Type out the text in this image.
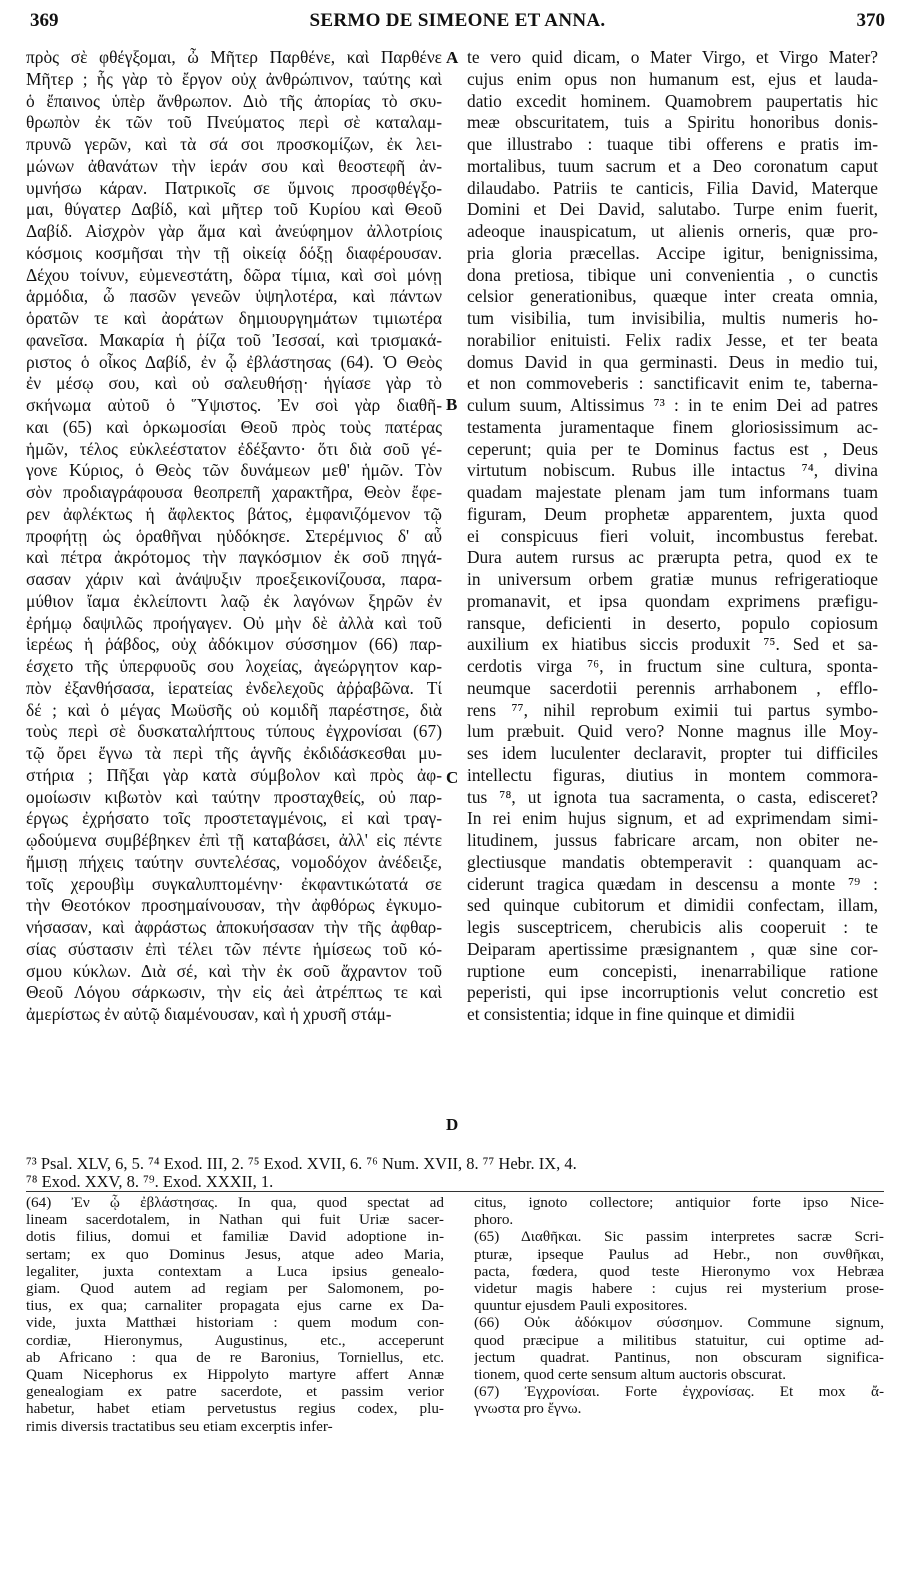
369	SERMO DE SIMEONE ET ANNA.	370
πρὸς σὲ φθέγξομαι, ὦ Μῆτερ Παρθένε, καὶ Παρθένε
Μῆτερ ; ἧς γὰρ τὸ ἔργον οὐχ ἀνθρώπινον, ταύτης καὶ
ὁ ἔπαινος ὑπὲρ ἄνθρωπον. Διὸ τῆς ἀπορίας τὸ σκυ-
θρωπὸν ἐκ τῶν τοῦ Πνεύματος περὶ σὲ καταλαμ-
πρυνῶ γερῶν, καὶ τὰ σά σοι προσκομίζων, ἐκ λει-
μώνων ἀθανάτων τὴν ἱεράν σου καὶ θεοστεφῆ ἀν-
υμνήσω κάραν. Πατρικοῖς σε ὕμνοις προσφθέγξο-
μαι, θύγατερ Δαβίδ, καὶ μῆτερ τοῦ Κυρίου καὶ Θεοῦ
Δαβίδ. Αἰσχρὸν γὰρ ἅμα καὶ ἀνεύφημον ἀλλοτρίοις
κόσμοις κοσμῆσαι τὴν τῇ οἰκείᾳ δόξῃ διαφέρουσαν.
Δέχου τοίνυν, εὐμενεστάτη, δῶρα τίμια, καὶ σοὶ μόνῃ
ἁρμόδια, ὦ πασῶν γενεῶν ὑψηλοτέρα, καὶ πάντων
ὁρατῶν τε καὶ ἀοράτων δημιουργημάτων τιμιωτέρα
φανεῖσα. Μακαρία ἡ ῥίζα τοῦ Ἰεσσαί, καὶ τρισμακά-
ριστος ὁ οἶκος Δαβίδ, ἐν ᾧ ἐβλάστησας (64). Ὁ Θεὸς
ἐν μέσῳ σου, καὶ οὐ σαλευθήσῃ· ἡγίασε γὰρ τὸ
σκήνωμα αὐτοῦ ὁ Ὕψιστος. Ἐν σοὶ γὰρ διαθῆ-
και (65) καὶ ὁρκωμοσίαι Θεοῦ πρὸς τοὺς πατέρας
ἡμῶν, τέλος εὐκλεέστατον ἐδέξαντο· ὅτι διὰ σοῦ γέ-
γονε Κύριος, ὁ Θεὸς τῶν δυνάμεων μεθ' ἡμῶν. Τὸν
σὸν προδιαγράφουσα θεοπρεπῆ χαρακτῆρα, Θεὸν ἔφε-
ρεν ἀφλέκτως ἡ ἄφλεκτος βάτος, ἐμφανιζόμενον τῷ
προφήτῃ ὡς ὁραθῆναι ηὐδόκησε. Στερέμνιος δ' αὖ
καὶ πέτρα ἀκρότομος τὴν παγκόσμιον ἐκ σοῦ πηγά-
σασαν χάριν καὶ ἀνάψυξιν προεξεικονίζουσα, παρα-
μύθιον ἴαμα ἐκλείποντι λαῷ ἐκ λαγόνων ξηρῶν ἐν
ἐρήμῳ δαψιλῶς προήγαγεν. Οὐ μὴν δὲ ἀλλὰ καὶ τοῦ
ἱερέως ἡ ῥάβδος, οὐχ ἀδόκιμον σύσσημον (66) παρ-
έσχετο τῆς ὑπερφυοῦς σου λοχείας, ἀγεώργητον καρ-
πὸν ἐξανθήσασα, ἱερατείας ἐνδελεχοῦς ἀῤῥαβῶνα. Τί
δέ ; καὶ ὁ μέγας Μωϋσῆς οὐ κομιδῆ παρέστησε, διὰ
τοὺς περὶ σὲ δυσκαταλήπτους τύπους ἐγχρονίσαι (67)
τῷ ὄρει ἔγνω τὰ περὶ τῆς ἁγνῆς ἐκδιδάσκεσθαι μυ-
στήρια ; Πῆξαι γὰρ κατὰ σύμβολον καὶ πρὸς ἀφ-
ομοίωσιν κιβωτὸν καὶ ταύτην προσταχθείς, οὐ παρ-
έργως ἐχρήσατο τοῖς προστεταγμένοις, εἰ καὶ τραγ-
ῳδούμενα συμβέβηκεν ἐπὶ τῇ καταβάσει, ἀλλ' εἰς πέντε
ἥμισῃ πήχεις ταύτην συντελέσας, νομοδόχον ἀνέδειξε,
τοῖς χερουβὶμ συγκαλυπτομένην· ἐκφαντικώτατά σε
τὴν Θεοτόκον προσημαίνουσαν, τὴν ἀφθόρως ἐγκυμο-
νήσασαν, καὶ ἀφράστως ἀποκυήσασαν τὴν τῆς ἀφθαρ-
σίας σύστασιν ἐπὶ τέλει τῶν πέντε ἡμίσεως τοῦ κό-
σμου κύκλων. Διὰ σέ, καὶ τὴν ἐκ σοῦ ἄχραντον τοῦ
Θεοῦ Λόγου σάρκωσιν, τὴν εἰς ἀεὶ ἀτρέπτως τε καὶ
ἀμερίστως ἐν αὐτῷ διαμένουσαν, καὶ ἡ χρυσῆ στάμ-
te vero quid dicam, o Mater Virgo, et Virgo Mater?
cujus enim opus non humanum est, ejus et lauda-
datio excedit hominem. Quamobrem paupertatis hic
meæ obscuritatem, tuis a Spiritu honoribus donis-
que illustrabo : tuaque tibi offerens e pratis im-
mortalibus, tuum sacrum et a Deo coronatum caput
dilaudabo. Patriis te canticis, Filia David, Materque
Domini et Dei David, salutabo. Turpe enim fuerit,
adeoque inauspicatum, ut alienis orneris, quæ pro-
pria gloria præcellas. Accipe igitur, benignissima,
dona pretiosa, tibique uni convenientia , o cunctis
celsior generationibus, quæque inter creata omnia,
tum visibilia, tum invisibilia, multis numeris ho-
norabilior enituisti. Felix radix Jesse, et ter beata
domus David in qua germinasti. Deus in medio tui,
et non commoveberis : sanctificavit enim te, taberna-
culum suum, Altissimus ⁷³ : in te enim Dei ad patres
testamenta juramentaque finem gloriosissimum ac-
ceperunt; quia per te Dominus factus est , Deus
virtutum nobiscum. Rubus ille intactus ⁷⁴, divina
quadam majestate plenam jam tum informans tuam
figuram, Deum prophetæ apparentem, juxta quod
ei conspicuus fieri voluit, incombustus ferebat.
Dura autem rursus ac prærupta petra, quod ex te
in universum orbem gratiæ munus refrigeratioque
promanavit, et ipsa quondam exprimens præfigu-
ransque, deficienti in deserto, populo copiosum
auxilium ex hiatibus siccis produxit ⁷⁵. Sed et sa-
cerdotis virga ⁷⁶, in fructum sine cultura, sponta-
neumque sacerdotii perennis arrhabonem , efflo-
rens ⁷⁷, nihil reprobum eximii tui partus symbo-
lum præbuit. Quid vero? Nonne magnus ille Moy-
ses idem luculenter declaravit, propter tui difficiles
intellectu figuras, diutius in montem commora-
tus ⁷⁸, ut ignota tua sacramenta, o casta, edisceret?
In rei enim hujus signum, et ad exprimendam simi-
litudinem, jussus fabricare arcam, non obiter ne-
glectiusque mandatis obtemperavit : quanquam ac-
ciderunt tragica quædam in descensu a monte ⁷⁹ :
sed quinque cubitorum et dimidii confectam, illam,
legis susceptricem, cherubicis alis cooperuit : te
Deiparam apertissime præsignantem , quæ sine cor-
ruptione eum concepisti, inenarrabilique ratione
peperisti, qui ipse incorruptionis velut concretio est
et consistentia; idque in fine quinque et dimidii
A
B
C
D
⁷³ Psal. XLV, 6, 5. ⁷⁴ Exod. III, 2. ⁷⁵ Exod. XVII, 6. ⁷⁶ Num. XVII, 8. ⁷⁷ Hebr. IX, 4.
⁷⁸ Exod. XXV, 8. ⁷⁹. Exod. XXXII, 1.
(64) Ἐν ᾧ ἐβλάστησας. In qua, quod spectat ad
lineam sacerdotalem, in Nathan qui fuit Uriæ sacer-
dotis filius, domui et familiæ David adoptione in-
sertam; ex quo Dominus Jesus, atque adeo Maria,
legaliter, juxta contextam a Luca ipsius genealo-
giam. Quod autem ad regiam per Salomonem, po-
tius, ex qua; carnaliter propagata ejus carne ex Da-
vide, juxta Matthæi historiam : quem modum con-
cordiæ, Hieronymus, Augustinus, etc., acceperunt
ab Africano : qua de re Baronius, Torniellus, etc.
Quam Nicephorus ex Hippolyto martyre affert Annæ
genealogiam ex patre sacerdote, et passim verior
habetur, habet etiam pervetustus regius codex, plu-
rimis diversis tractatibus seu etiam excerptis infer-
citus, ignoto collectore; antiquior forte ipso Nice-
phoro.
(65) Διαθῆκαι. Sic passim interpretes sacræ Scri-
pturæ, ipseque Paulus ad Hebr., non συνθῆκαι,
pacta, fœdera, quod teste Hieronymo vox Hebræa
videtur magis habere : cujus rei mysterium prose-
quuntur ejusdem Pauli expositores.
(66) Οὐκ ἀδόκιμον σύσσημον. Commune signum,
quod præcipue a militibus statuitur, cui optime ad-
jectum quadrat. Pantinus, non obscuram significa-
tionem, quod certe sensum altum auctoris obscurat.
(67) Ἐγχρονίσαι. Forte ἐγχρονίσας. Et mox ἄ-
γνωστα pro ἔγνω.
